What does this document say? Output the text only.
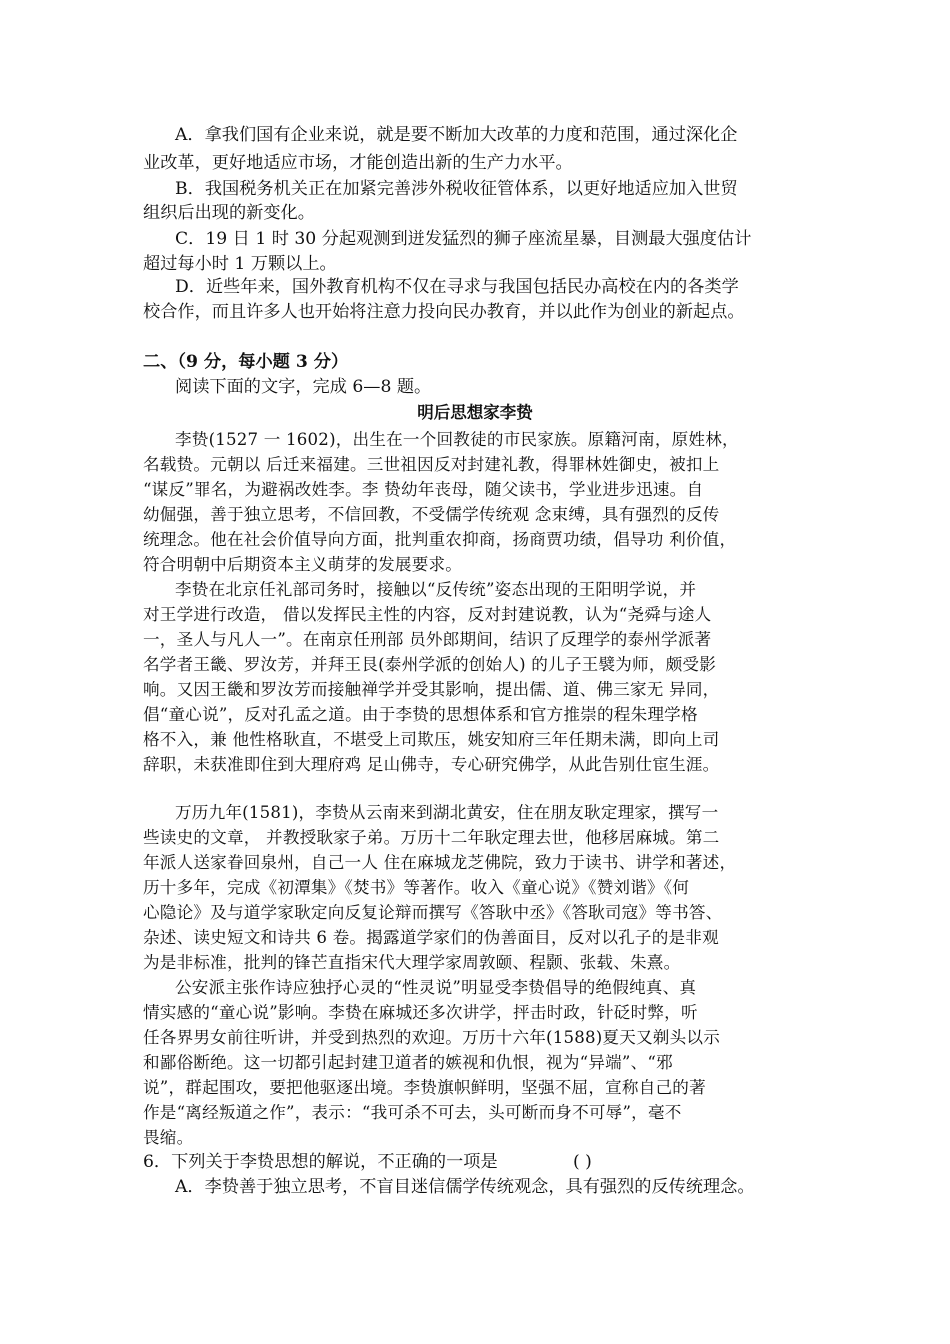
A．拿我们国有企业来说，就是要不断加大改革的力度和范围，通过深化企
业改革，更好地适应市场，才能创造出新的生产力水平。
B．我国税务机关正在加紧完善涉外税收征管体系，以更好地适应加入世贸
组织后出现的新变化。
C．19 日 1 时 30 分起观测到迸发猛烈的狮子座流星暴，目测最大强度估计
超过每小时 1 万颗以上。
D．近些年来，国外教育机构不仅在寻求与我国包括民办高校在内的各类学
校合作，而且许多人也开始将注意力投向民办教育，并以此作为创业的新起点。
二、（9 分，每小题 3 分）
阅读下面的文字，完成 6—8 题。
明后思想家李贽
李贽(1527 一 1602)，出生在一个回教徒的市民家族。原籍河南，原姓林，
名载贽。元朝以 后迁来福建。三世祖因反对封建礼教，得罪林姓御史，被扣上
“谋反”罪名，为避祸改姓李。李 贽幼年丧母，随父读书，学业进步迅速。自
幼倔强，善于独立思考，不信回教，不受儒学传统观 念束缚，具有强烈的反传
统理念。他在社会价值导向方面，批判重农抑商，扬商贾功绩，倡导功 利价值，
符合明朝中后期资本主义萌芽的发展要求。
李贽在北京任礼部司务时，接触以“反传统”姿态出现的王阳明学说，并
对王学进行改造， 借以发挥民主性的内容，反对封建说教，认为“尧舜与途人
一，圣人与凡人一”。在南京任刑部 员外郎期间，结识了反理学的泰州学派著
名学者王畿、罗汝芳，并拜王艮(泰州学派的创始人) 的儿子王襞为师，颇受影
响。又因王畿和罗汝芳而接触禅学并受其影响，提出儒、道、佛三家无 异同，
倡“童心说”，反对孔孟之道。由于李贽的思想体系和官方推崇的程朱理学格
格不入，兼 他性格耿直，不堪受上司欺压，姚安知府三年任期未满，即向上司
辞职，未获准即住到大理府鸡 足山佛寺，专心研究佛学，从此告别仕宦生涯。
万历九年(1581)，李贽从云南来到湖北黄安，住在朋友耿定理家，撰写一
些读史的文章， 并教授耿家子弟。万历十二年耿定理去世，他移居麻城。第二
年派人送家眷回泉州，自己一人 住在麻城龙芝佛院，致力于读书、讲学和著述，
历十多年，完成《初潭集》《焚书》等著作。收入《童心说》《赞刘谐》《何
心隐论》及与道学家耿定向反复论辩而撰写《答耿中丞》《答耿司寇》等书答、
杂述、读史短文和诗共 6 卷。揭露道学家们的伪善面目，反对以孔子的是非观
为是非标准，批判的锋芒直指宋代大理学家周敦颐、程颢、张载、朱熹。
公安派主张作诗应独抒心灵的“性灵说”明显受李贽倡导的绝假纯真、真
情实感的“童心说”影响。李贽在麻城还多次讲学，抨击时政，针砭时弊，听
任各界男女前往听讲，并受到热烈的欢迎。万历十六年(1588)夏天又剃头以示
和鄙俗断绝。这一切都引起封建卫道者的嫉视和仇恨，视为“异端”、“邪
说”，群起围攻，要把他驱逐出境。李贽旗帜鲜明，坚强不屈，宣称自己的著
作是“离经叛道之作”，表示：“我可杀不可去，头可断而身不可辱”，毫不
畏缩。
6．下列关于李贽思想的解说，不正确的一项是	( )
A．李贽善于独立思考，不盲目迷信儒学传统观念，具有强烈的反传统理念。
